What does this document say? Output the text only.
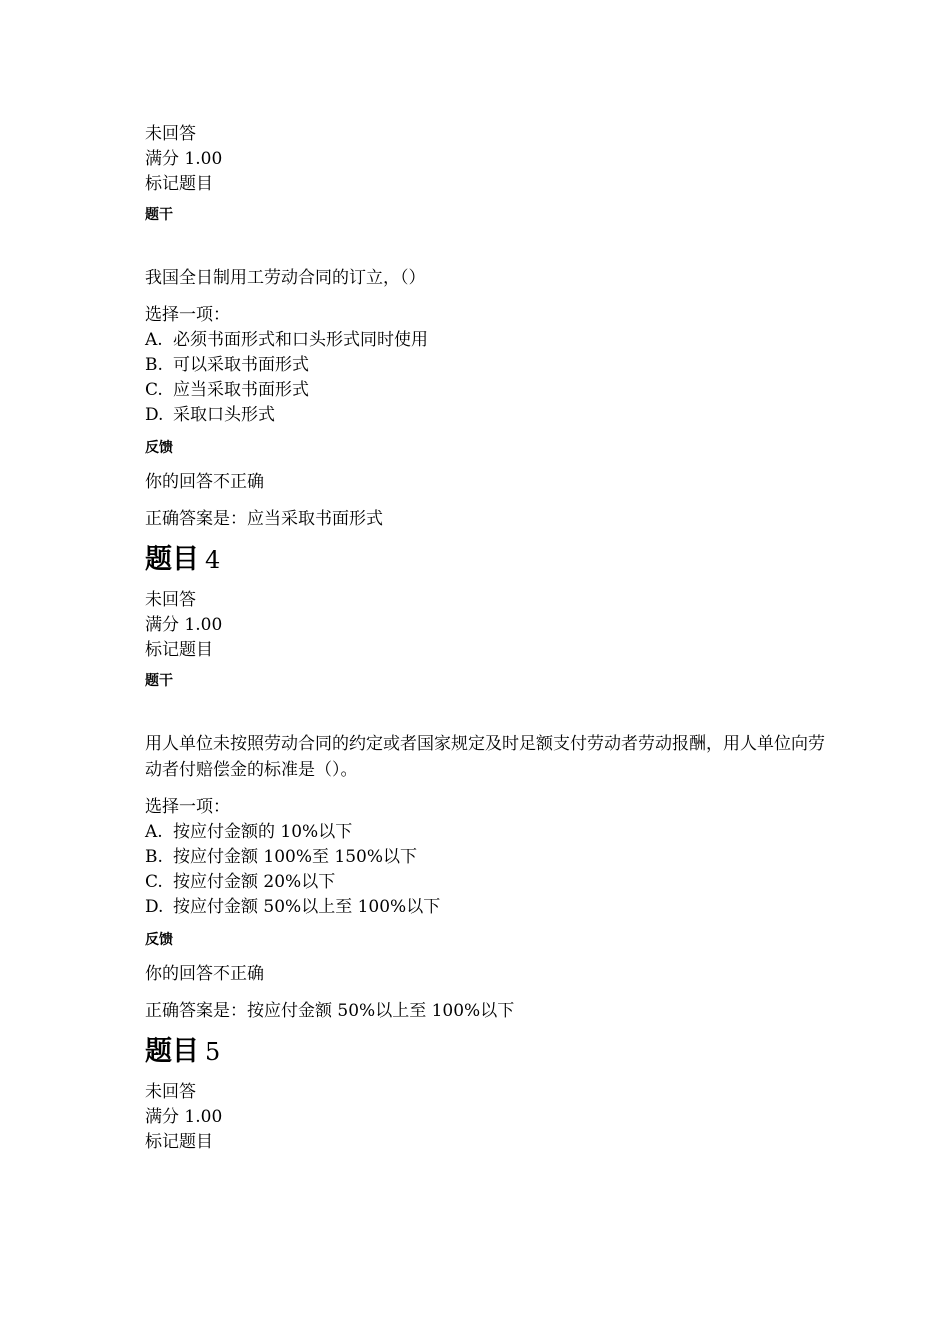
未回答
满分 1.00
标记题目
题干
我国全日制用工劳动合同的订立，（）
选择一项：
A. 必须书面形式和口头形式同时使用
B. 可以采取书面形式
C. 应当采取书面形式
D. 采取口头形式
反馈
你的回答不正确
正确答案是：应当采取书面形式
题目 4
未回答
满分 1.00
标记题目
题干
用人单位未按照劳动合同的约定或者国家规定及时足额支付劳动者劳动报酬，用人单位向劳动者付赔偿金的标准是（）。
选择一项：
A. 按应付金额的 10%以下
B. 按应付金额 100%至 150%以下
C. 按应付金额 20%以下
D. 按应付金额 50%以上至 100%以下
反馈
你的回答不正确
正确答案是：按应付金额 50%以上至 100%以下
题目 5
未回答
满分 1.00
标记题目
